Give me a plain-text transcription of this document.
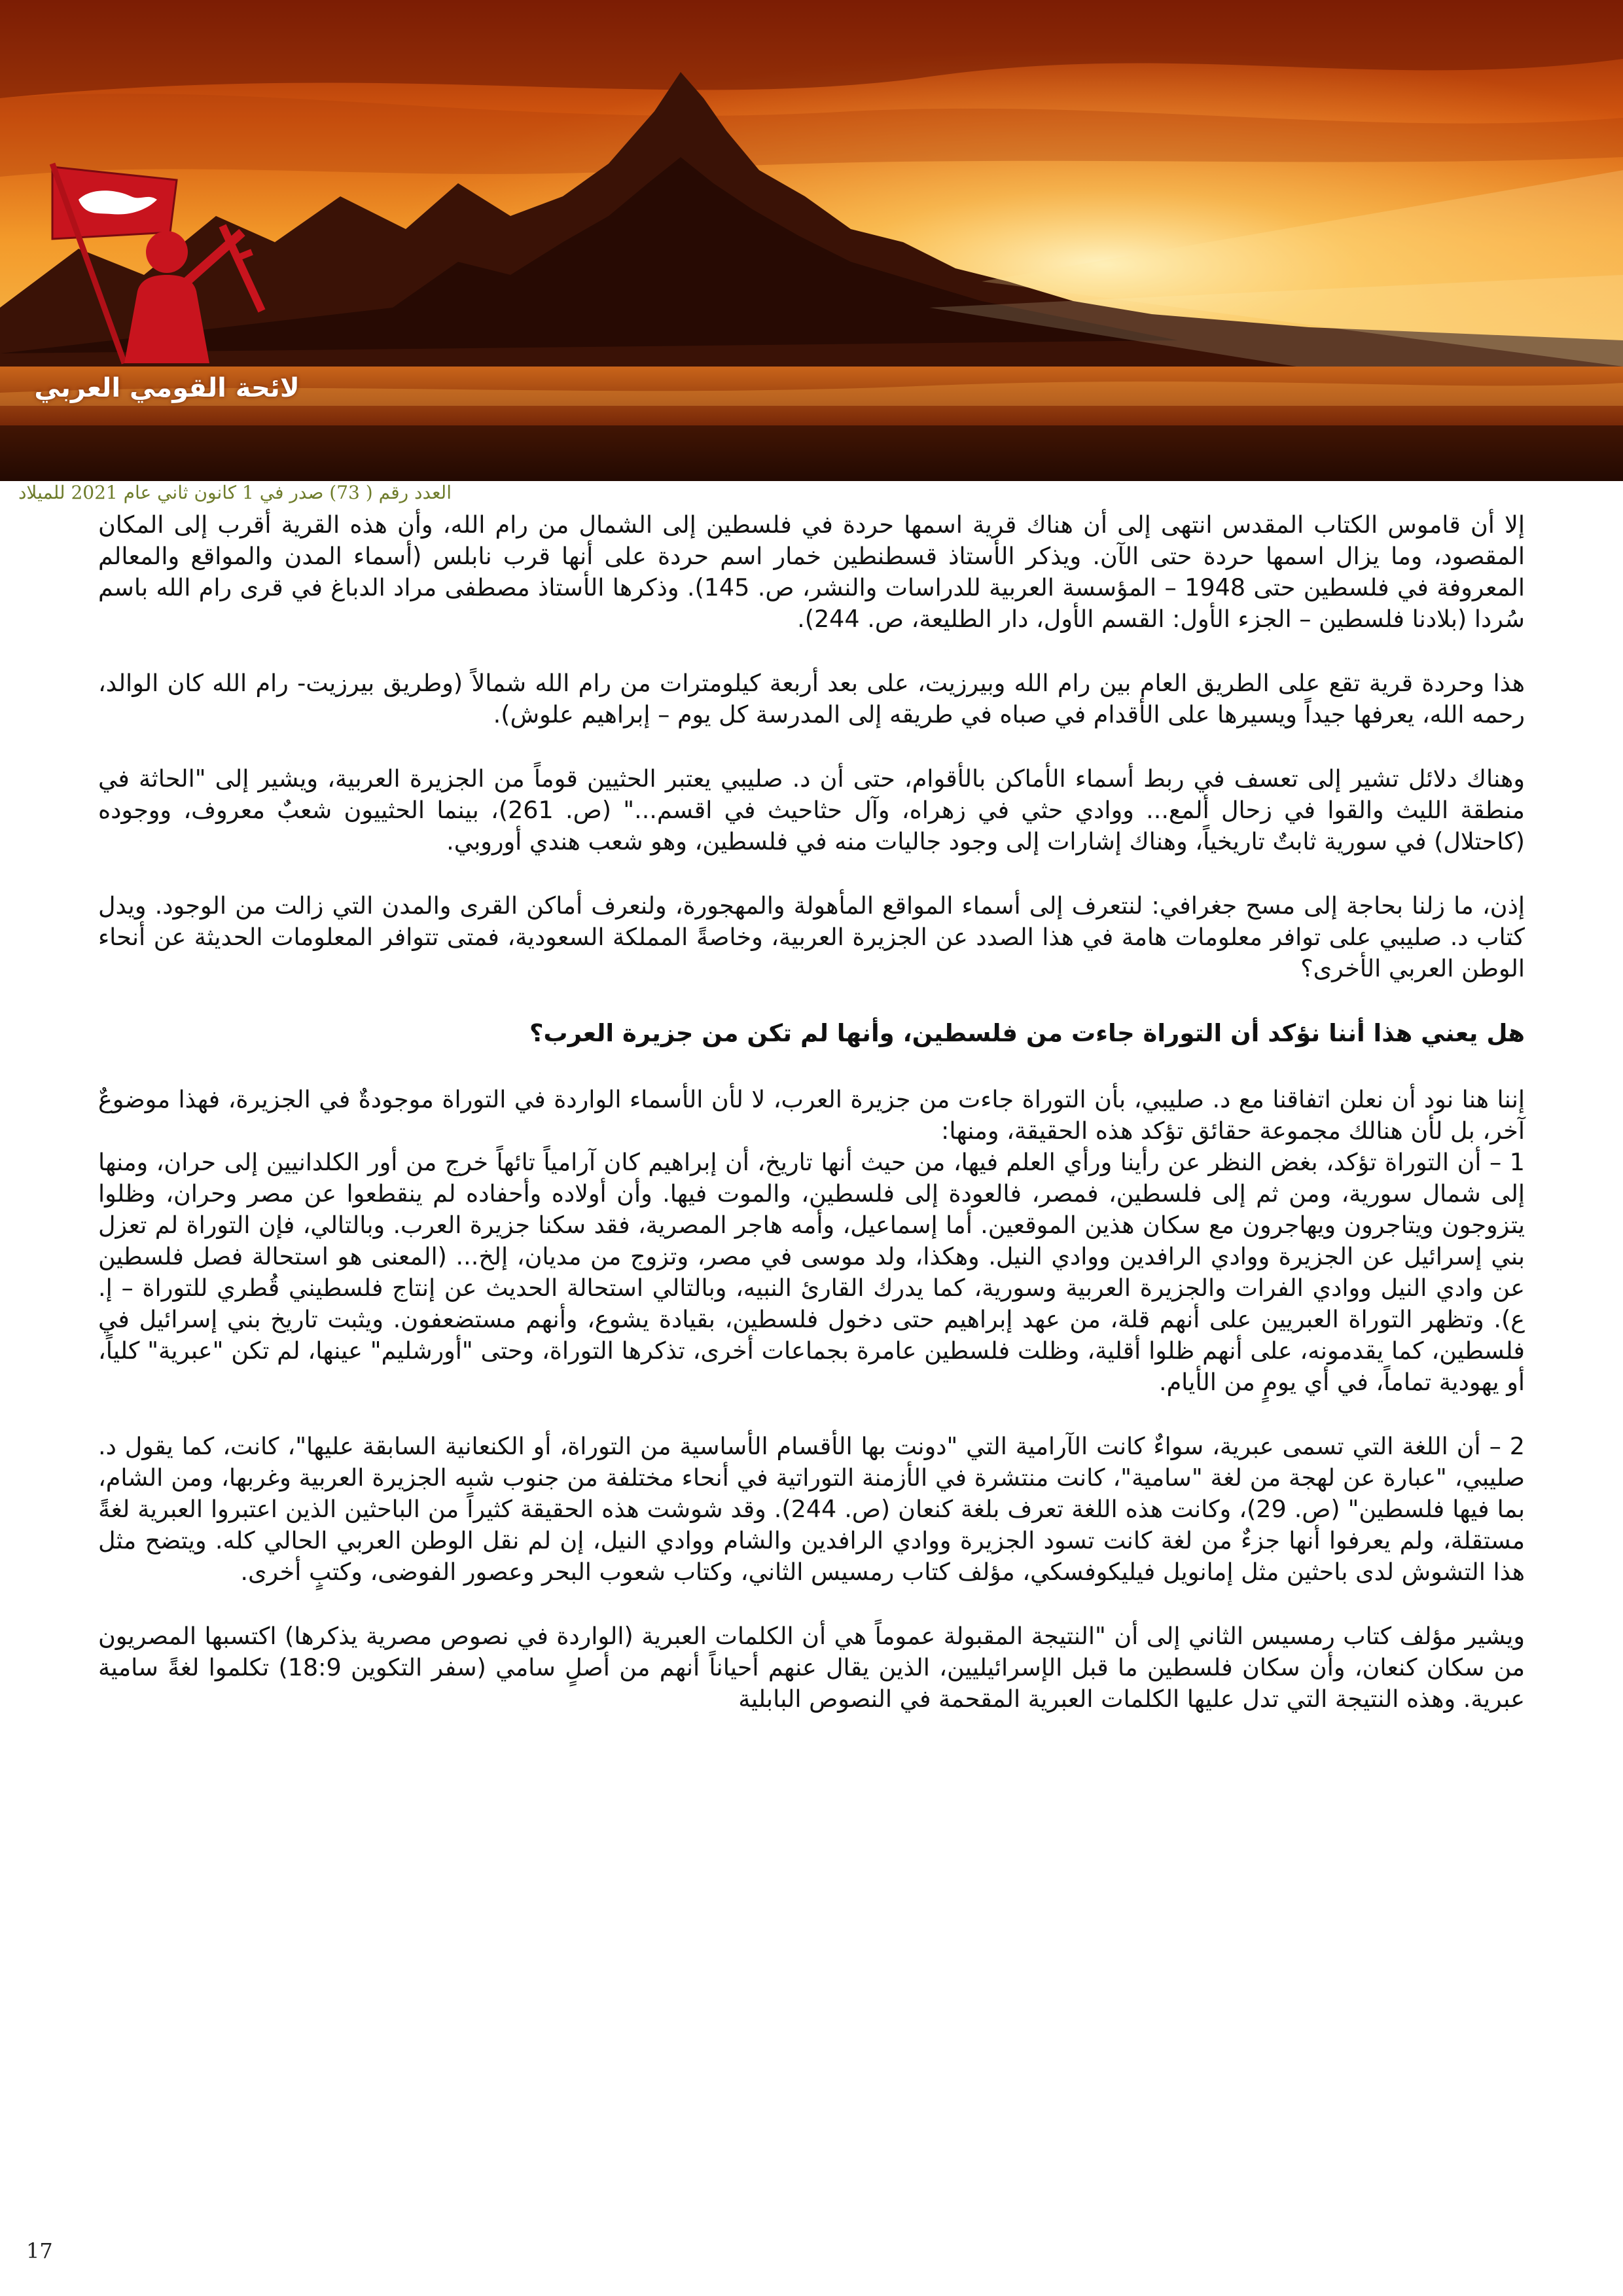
لائحة القومي العربي
العدد رقم ( 73) صدر في 1 كانون ثاني عام 2021 للميلاد

إلا أن قاموس الكتاب المقدس انتهى إلى أن هناك قرية اسمها حردة في فلسطين إلى الشمال من رام الله، وأن هذه القرية أقرب إلى المكان المقصود، وما يزال اسمها حردة حتى الآن. ويذكر الأستاذ قسطنطين خمار اسم حردة على أنها قرب نابلس (أسماء المدن والمواقع والمعالم المعروفة في فلسطين حتى 1948 – المؤسسة العربية للدراسات والنشر، ص. 145). وذكرها الأستاذ مصطفى مراد الدباغ في قرى رام الله باسم سُردا (بلادنا فلسطين – الجزء الأول: القسم الأول، دار الطليعة، ص. 244).

هذا وحردة قرية تقع على الطريق العام بين رام الله وبيرزيت، على بعد أربعة كيلومترات من رام الله شمالاً (وطريق بيرزيت- رام الله كان الوالد، رحمه الله، يعرفها جيداً ويسيرها على الأقدام في صباه في طريقه إلى المدرسة كل يوم – إبراهيم علوش).

وهناك دلائل تشير إلى تعسف في ربط أسماء الأماكن بالأقوام، حتى أن د. صليبي يعتبر الحثيين قوماً من الجزيرة العربية، ويشير إلى "الحاثة في منطقة الليث والقوا في زحال ألمع... ووادي حثي في زهراه، وآل حثاحيث في اقسم..." (ص. 261)، بينما الحثييون شعبٌ معروف، ووجوده (كاحتلال) في سورية ثابتٌ تاريخياً، وهناك إشارات إلى وجود جاليات منه في فلسطين، وهو شعب هندي أوروبي.

إذن، ما زلنا بحاجة إلى مسح جغرافي: لنتعرف إلى أسماء المواقع المأهولة والمهجورة، ولنعرف أماكن القرى والمدن التي زالت من الوجود. ويدل كتاب د. صليبي على توافر معلومات هامة في هذا الصدد عن الجزيرة العربية، وخاصةً المملكة السعودية، فمتى تتوافر المعلومات الحديثة عن أنحاء الوطن العربي الأخرى؟

هل يعني هذا أننا نؤكد أن التوراة جاءت من فلسطين، وأنها لم تكن من جزيرة العرب؟

إننا هنا نود أن نعلن اتفاقنا مع د. صليبي، بأن التوراة جاءت من جزيرة العرب، لا لأن الأسماء الواردة في التوراة موجودةٌ في الجزيرة، فهذا موضوعٌ آخر، بل لأن هنالك مجموعة حقائق تؤكد هذه الحقيقة، ومنها:

1 – أن التوراة تؤكد، بغض النظر عن رأينا ورأي العلم فيها، من حيث أنها تاريخ، أن إبراهيم كان آرامياً تائهاً خرج من أور الكلدانيين إلى حران، ومنها إلى شمال سورية، ومن ثم إلى فلسطين، فمصر، فالعودة إلى فلسطين، والموت فيها. وأن أولاده وأحفاده لم ينقطعوا عن مصر وحران، وظلوا يتزوجون ويتاجرون ويهاجرون مع سكان هذين الموقعين. أما إسماعيل، وأمه هاجر المصرية، فقد سكنا جزيرة العرب. وبالتالي، فإن التوراة لم تعزل بني إسرائيل عن الجزيرة ووادي الرافدين ووادي النيل. وهكذا، ولد موسى في مصر، وتزوج من مديان، إلخ... (المعنى هو استحالة فصل فلسطين عن وادي النيل ووادي الفرات والجزيرة العربية وسورية، كما يدرك القارئ النبيه، وبالتالي استحالة الحديث عن إنتاج فلسطيني قُطري للتوراة – إ. ع). وتظهر التوراة العبريين على أنهم قلة، من عهد إبراهيم حتى دخول فلسطين، بقيادة يشوع، وأنهم مستضعفون. ويثبت تاريخ بني إسرائيل في فلسطين، كما يقدمونه، على أنهم ظلوا أقلية، وظلت فلسطين عامرة بجماعات أخرى، تذكرها التوراة، وحتى "أورشليم" عينها، لم تكن "عبرية" كلياً، أو يهودية تماماً، في أي يومٍ من الأيام.

2 – أن اللغة التي تسمى عبرية، سواءٌ كانت الآرامية التي "دونت بها الأقسام الأساسية من التوراة، أو الكنعانية السابقة عليها"، كانت، كما يقول د. صليبي، "عبارة عن لهجة من لغة "سامية"، كانت منتشرة في الأزمنة التوراتية في أنحاء مختلفة من جنوب شبه الجزيرة العربية وغربها، ومن الشام، بما فيها فلسطين" (ص. 29)، وكانت هذه اللغة تعرف بلغة كنعان (ص. 244). وقد شوشت هذه الحقيقة كثيراً من الباحثين الذين اعتبروا العبرية لغةً مستقلة، ولم يعرفوا أنها جزءٌ من لغة كانت تسود الجزيرة ووادي الرافدين والشام ووادي النيل، إن لم نقل الوطن العربي الحالي كله. ويتضح مثل هذا التشوش لدى باحثين مثل إمانويل فيليكوفسكي، مؤلف كتاب رمسيس الثاني، وكتاب شعوب البحر وعصور الفوضى، وكتبٍ أخرى.

ويشير مؤلف كتاب رمسيس الثاني إلى أن "النتيجة المقبولة عموماً هي أن الكلمات العبرية (الواردة في نصوص مصرية يذكرها) اكتسبها المصريون من سكان كنعان، وأن سكان فلسطين ما قبل الإسرائيليين، الذين يقال عنهم أحياناً أنهم من أصلٍ سامي (سفر التكوين 18:9) تكلموا لغةً سامية عبرية. وهذه النتيجة التي تدل عليها الكلمات العبرية المقحمة في النصوص البابلية

17
